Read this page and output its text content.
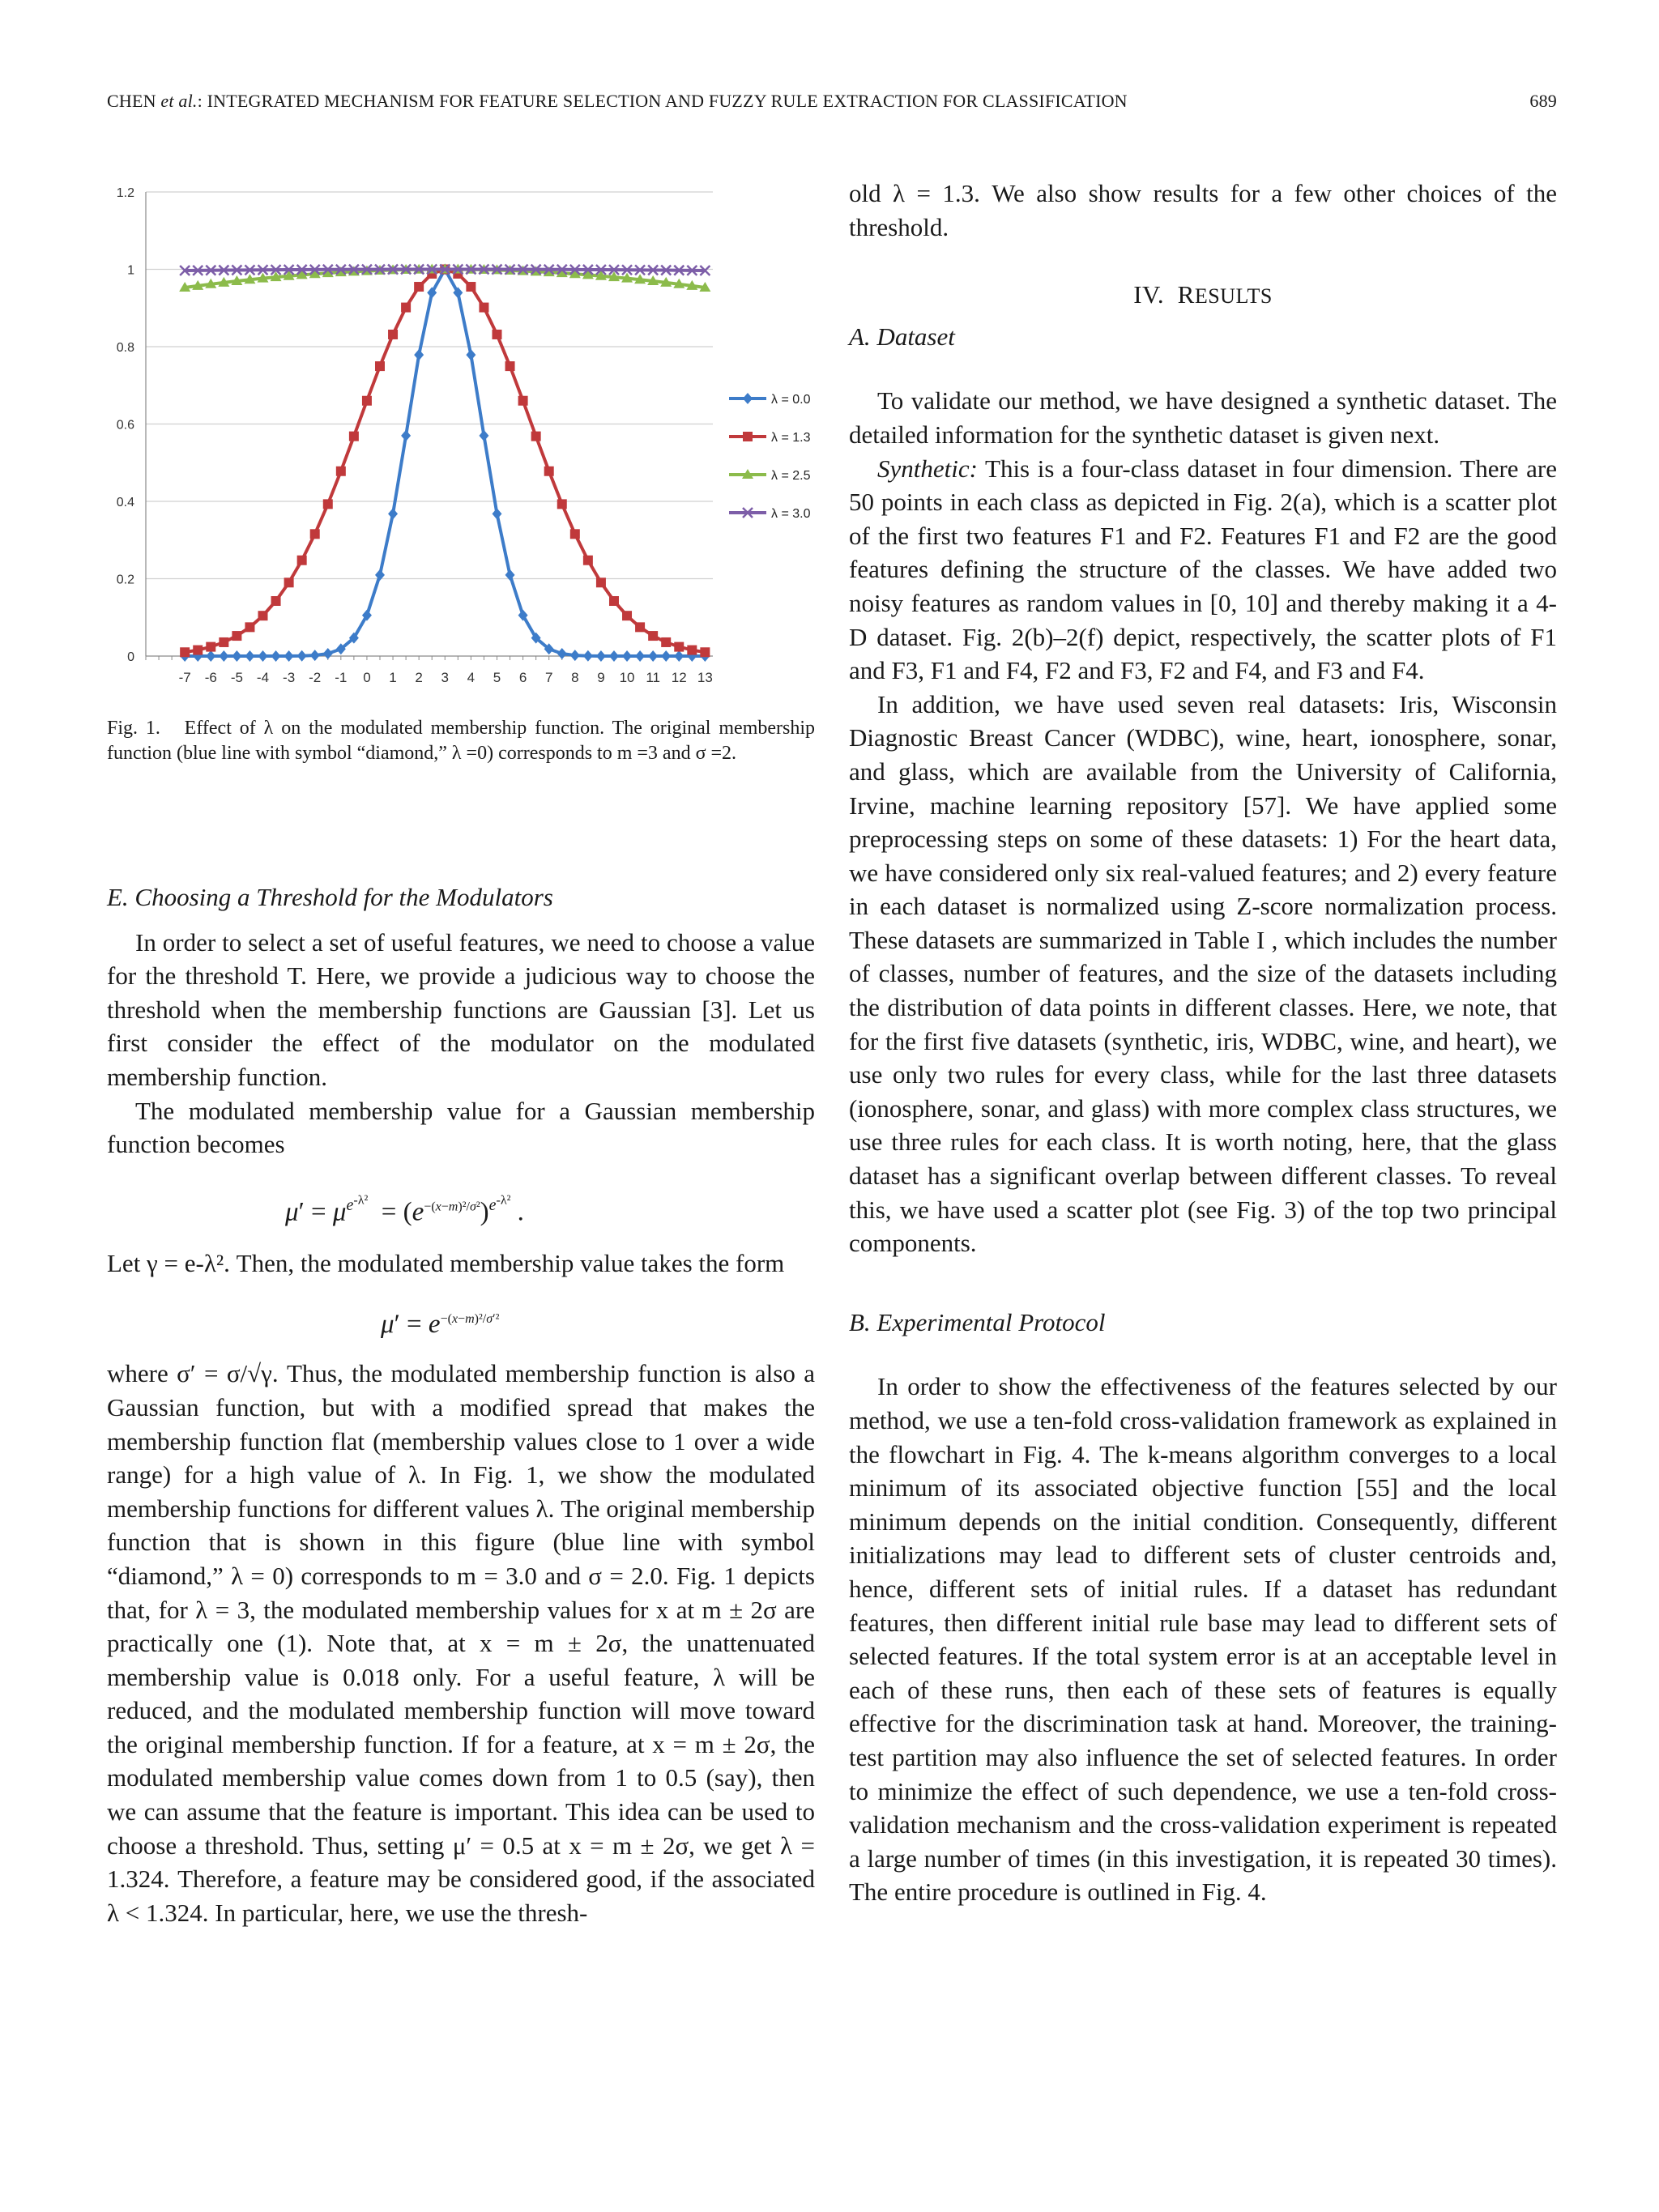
CHEN et al.: INTEGRATED MECHANISM FOR FEATURE SELECTION AND FUZZY RULE EXTRACTION FOR CLASSIFICATION	689
0
0.2
0.4
0.6
0.8
1
1.2
-7 -6 -5 -4 -3 -2 -1 0 1 2 3 4 5 6 7 8 9 10 11 12 13
λ = 0.0
λ = 1.3
λ = 2.5
λ = 3.0
Fig. 1. Effect of λ on the modulated membership function. The original membership function (blue line with symbol “diamond,” λ =0) corresponds to m =3 and σ =2.

E. Choosing a Threshold for the Modulators

In order to select a set of useful features, we need to choose a value for the threshold T. Here, we provide a judicious way to choose the threshold when the membership functions are Gaussian [3]. Let us first consider the effect of the modulator on the modulated membership function.

The modulated membership value for a Gaussian membership function becomes

$\mu' = \mu^{e^{-\lambda^2}} = (e^{-(x-m)^2/\sigma^2})^{e^{-\lambda^2}}$ .

Let γ = e-λ². Then, the modulated membership value takes the form

$\mu' = e^{-(x-m)^2/\sigma'^2}$

where σ′ = σ/√γ. Thus, the modulated membership function is also a Gaussian function, but with a modified spread that makes the membership function flat (membership values close to 1 over a wide range) for a high value of λ. In Fig. 1, we show the modulated membership functions for different values λ. The original membership function that is shown in this figure (blue line with symbol “diamond,” λ = 0) corresponds to m = 3.0 and σ = 2.0. Fig. 1 depicts that, for λ = 3, the modulated membership values for x at m ± 2σ are practically one (1). Note that, at x = m ± 2σ, the unattenuated membership value is 0.018 only. For a useful feature, λ will be reduced, and the modulated membership function will move toward the original membership function. If for a feature, at x = m ± 2σ, the modulated membership value comes down from 1 to 0.5 (say), then we can assume that the feature is important. This idea can be used to choose a threshold. Thus, setting μ′ = 0.5 at x = m ± 2σ, we get λ = 1.324. Therefore, a feature may be considered good, if the associated λ < 1.324. In particular, here, we use the thresh-

old λ = 1.3. We also show results for a few other choices of the threshold.

IV. RESULTS

A. Dataset

To validate our method, we have designed a synthetic dataset. The detailed information for the synthetic dataset is given next.

Synthetic: This is a four-class dataset in four dimension. There are 50 points in each class as depicted in Fig. 2(a), which is a scatter plot of the first two features F1 and F2. Features F1 and F2 are the good features defining the structure of the classes. We have added two noisy features as random values in [0, 10] and thereby making it a 4-D dataset. Fig. 2(b)–2(f) depict, respectively, the scatter plots of F1 and F3, F1 and F4, F2 and F3, F2 and F4, and F3 and F4.

In addition, we have used seven real datasets: Iris, Wisconsin Diagnostic Breast Cancer (WDBC), wine, heart, ionosphere, sonar, and glass, which are available from the University of California, Irvine, machine learning repository [57]. We have applied some preprocessing steps on some of these datasets: 1) For the heart data, we have considered only six real-valued features; and 2) every feature in each dataset is normalized using Z-score normalization process. These datasets are summarized in Table I , which includes the number of classes, number of features, and the size of the datasets including the distribution of data points in different classes. Here, we note, that for the first five datasets (synthetic, iris, WDBC, wine, and heart), we use only two rules for every class, while for the last three datasets (ionosphere, sonar, and glass) with more complex class structures, we use three rules for each class. It is worth noting, here, that the glass dataset has a significant overlap between different classes. To reveal this, we have used a scatter plot (see Fig. 3) of the top two principal components.

B. Experimental Protocol

In order to show the effectiveness of the features selected by our method, we use a ten-fold cross-validation framework as explained in the flowchart in Fig. 4. The k-means algorithm converges to a local minimum of its associated objective function [55] and the local minimum depends on the initial condition. Consequently, different initializations may lead to different sets of cluster centroids and, hence, different sets of initial rules. If a dataset has redundant features, then different initial rule base may lead to different sets of selected features. If the total system error is at an acceptable level in each of these runs, then each of these sets of features is equally effective for the discrimination task at hand. Moreover, the training-test partition may also influence the set of selected features. In order to minimize the effect of such dependence, we use a ten-fold cross-validation mechanism and the cross-validation experiment is repeated a large number of times (in this investigation, it is repeated 30 times). The entire procedure is outlined in Fig. 4.
